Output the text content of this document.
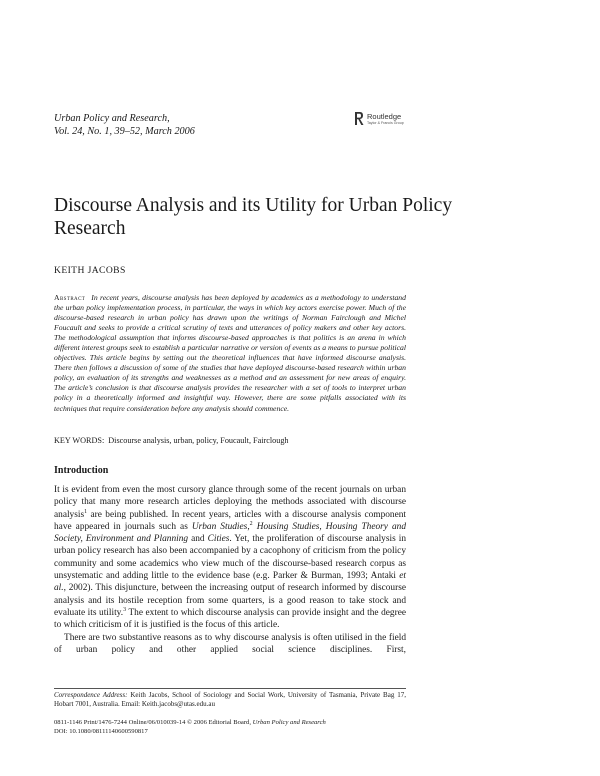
Urban Policy and Research,
Vol. 24, No. 1, 39–52, March 2006
Routledge
Taylor & Francis Group
Discourse Analysis and its Utility for Urban Policy Research
KEITH JACOBS

Abstract In recent years, discourse analysis has been deployed by academics as a methodology to understand the urban policy implementation process, in particular, the ways in which key actors exercise power. Much of the discourse-based research in urban policy has drawn upon the writings of Norman Fairclough and Michel Foucault and seeks to provide a critical scrutiny of texts and utterances of policy makers and other key actors. The methodological assumption that informs discourse-based approaches is that politics is an arena in which different interest groups seek to establish a particular narrative or version of events as a means to pursue political objectives. This article begins by setting out the theoretical influences that have informed discourse analysis. There then follows a discussion of some of the studies that have deployed discourse-based research within urban policy, an evaluation of its strengths and weaknesses as a method and an assessment for new areas of enquiry. The article’s conclusion is that discourse analysis provides the researcher with a set of tools to interpret urban policy in a theoretically informed and insightful way. However, there are some pitfalls associated with its techniques that require consideration before any analysis should commence.

KEY WORDS: Discourse analysis, urban, policy, Foucault, Fairclough
Introduction

It is evident from even the most cursory glance through some of the recent journals on urban policy that many more research articles deploying the methods associated with discourse analysis$^1$ are being published. In recent years, articles with a discourse analysis component have appeared in journals such as Urban Studies,$^2$ Housing Studies, Housing Theory and Society, Environment and Planning and Cities. Yet, the proliferation of discourse analysis in urban policy research has also been accompanied by a cacophony of criticism from the policy community and some academics who view much of the discourse-based research corpus as unsystematic and adding little to the evidence base (e.g. Parker & Burman, 1993; Antaki et al., 2002). This disjuncture, between the increasing output of research informed by discourse analysis and its hostile reception from some quarters, is a good reason to take stock and evaluate its utility.$^3$ The extent to which discourse analysis can provide insight and the degree to which criticism of it is justified is the focus of this article.

There are two substantive reasons as to why discourse analysis is often utilised in the field of urban policy and other applied social science disciplines. First,

Correspondence Address: Keith Jacobs, School of Sociology and Social Work, University of Tasmania, Private Bag 17, Hobart 7001, Australia. Email: Keith.jacobs@utas.edu.au

0811-1146 Print/1476-7244 Online/06/010039-14 © 2006 Editorial Board, Urban Policy and Research
DOI: 10.1080/08111140600590817
